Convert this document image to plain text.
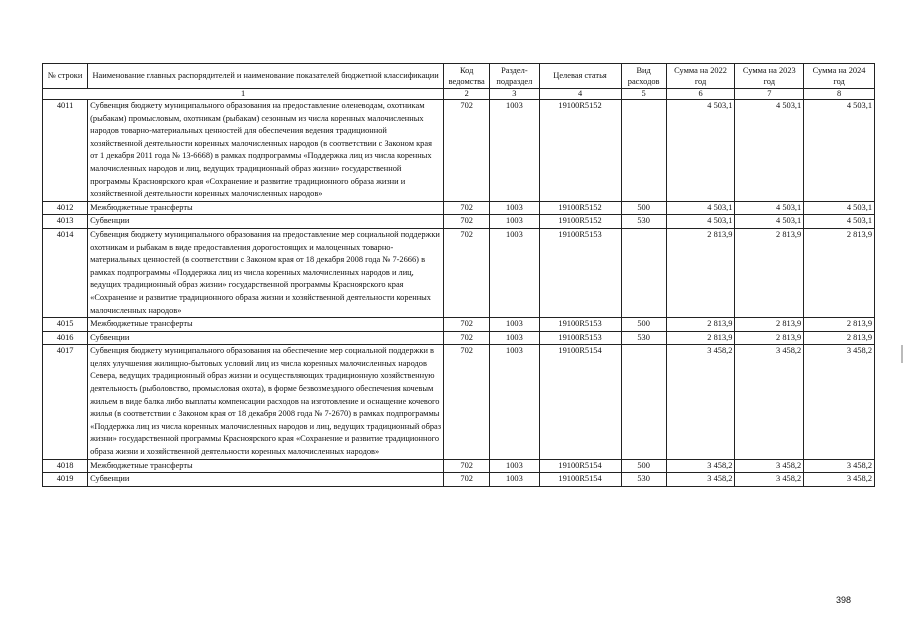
№ строки	Наименование главных распорядителей и наименование показателей бюджетной классификации	Код ведомства	Раздел-подраздел	Целевая статья	Вид расходов	Сумма на 2022 год	Сумма на 2023 год	Сумма на 2024 год
1		2	3	4	5	6	7	8
4011	Субвенция бюджету муниципального образования на предоставление оленеводам, охотникам (рыбакам) промысловым, охотникам (рыбакам) сезонным из числа коренных малочисленных народов товарно-материальных ценностей для обеспечения ведения традиционной хозяйственной деятельности коренных малочисленных народов (в соответствии с Законом края от 1 декабря 2011 года № 13-6668) в рамках подпрограммы «Поддержка лиц из числа коренных малочисленных народов и лиц, ведущих традиционный образ жизни» государственной программы Красноярского края «Сохранение и развитие традиционного образа жизни и хозяйственной деятельности коренных малочисленных народов»	702	1003	19100R5152		4 503,1	4 503,1	4 503,1
4012	Межбюджетные трансферты	702	1003	19100R5152	500	4 503,1	4 503,1	4 503,1
4013	Субвенции	702	1003	19100R5152	530	4 503,1	4 503,1	4 503,1
4014	Субвенция бюджету муниципального образования на предоставление мер социальной поддержки охотникам и рыбакам в виде предоставления дорогостоящих и малоценных товарно-материальных ценностей (в соответствии с Законом края от 18 декабря 2008 года № 7-2666) в рамках подпрограммы «Поддержка лиц из числа коренных малочисленных народов и лиц, ведущих традиционный образ жизни» государственной программы Красноярского края «Сохранение и развитие традиционного образа жизни и хозяйственной деятельности коренных малочисленных народов»	702	1003	19100R5153		2 813,9	2 813,9	2 813,9
4015	Межбюджетные трансферты	702	1003	19100R5153	500	2 813,9	2 813,9	2 813,9
4016	Субвенции	702	1003	19100R5153	530	2 813,9	2 813,9	2 813,9
4017	Субвенция бюджету муниципального образования на обеспечение мер социальной поддержки в целях улучшения жилищно-бытовых условий лиц из числа коренных малочисленных народов Севера, ведущих традиционный образ жизни и осуществляющих традиционную хозяйственную деятельность (рыболовство, промысловая охота), в форме безвозмездного обеспечения кочевым жильем в виде балка либо выплаты компенсации расходов на изготовление и оснащение кочевого жилья (в соответствии с Законом края от 18 декабря 2008 года № 7-2670) в рамках подпрограммы «Поддержка лиц из числа коренных малочисленных народов и лиц, ведущих традиционный образ жизни» государственной программы Красноярского края «Сохранение и развитие традиционного образа жизни и хозяйственной деятельности коренных малочисленных народов»	702	1003	19100R5154		3 458,2	3 458,2	3 458,2
4018	Межбюджетные трансферты	702	1003	19100R5154	500	3 458,2	3 458,2	3 458,2
4019	Субвенции	702	1003	19100R5154	530	3 458,2	3 458,2	3 458,2
398
